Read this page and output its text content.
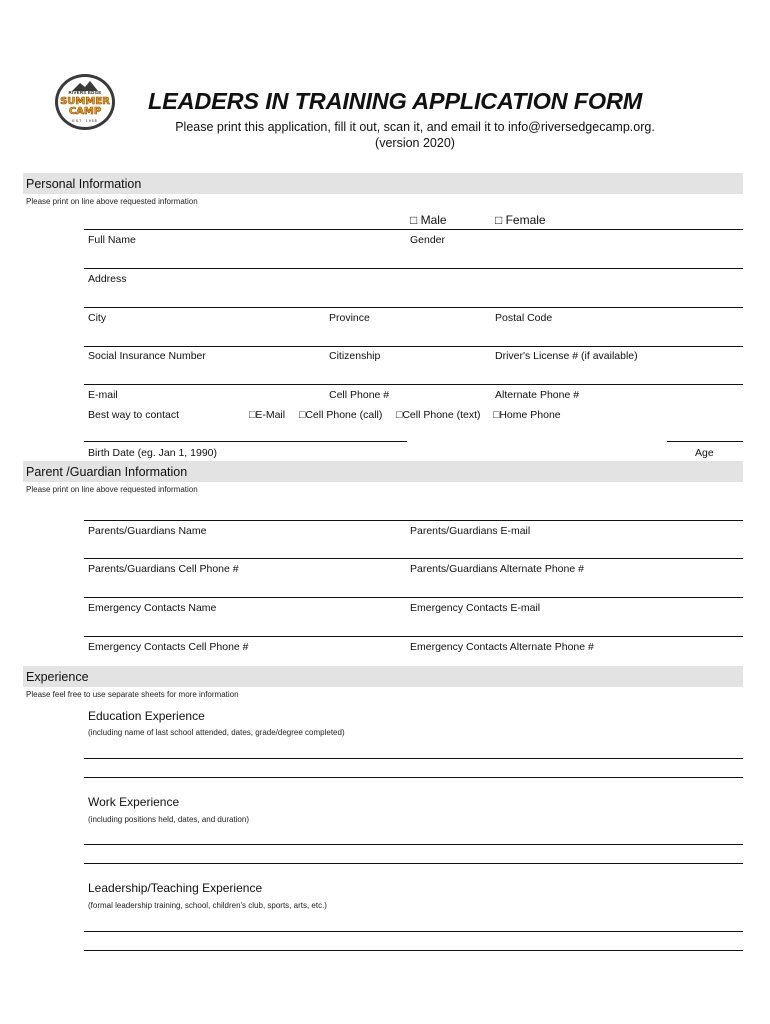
RIVERS EDGE
SUMMER
CAMP
EST. 1958
LEADERS IN TRAINING APPLICATION FORM
Please print this application, fill it out, scan it, and email it to info@riversedgecamp.org.
(version 2020)
Personal Information
Please print on line above requested information
□ Male	□ Female
Full Name	Gender
Address
City	Province	Postal Code
Social Insurance Number	Citizenship	Driver's License # (if available)
E-mail	Cell Phone #	Alternate Phone #
Best way to contact	□E-Mail □Cell Phone (call) □Cell Phone (text) □Home Phone
Birth Date (eg. Jan 1, 1990)	Age
Parent /Guardian Information
Please print on line above requested information
Parents/Guardians Name	Parents/Guardians E-mail
Parents/Guardians Cell Phone #	Parents/Guardians Alternate Phone #
Emergency Contacts Name	Emergency Contacts E-mail
Emergency Contacts Cell Phone #	Emergency Contacts Alternate Phone #
Experience
Please feel free to use separate sheets for more information
Education Experience
(including name of last school attended, dates, grade/degree completed)
Work Experience
(including positions held, dates, and duration)
Leadership/Teaching Experience
(formal leadership training, school, children's club, sports, arts, etc.)
